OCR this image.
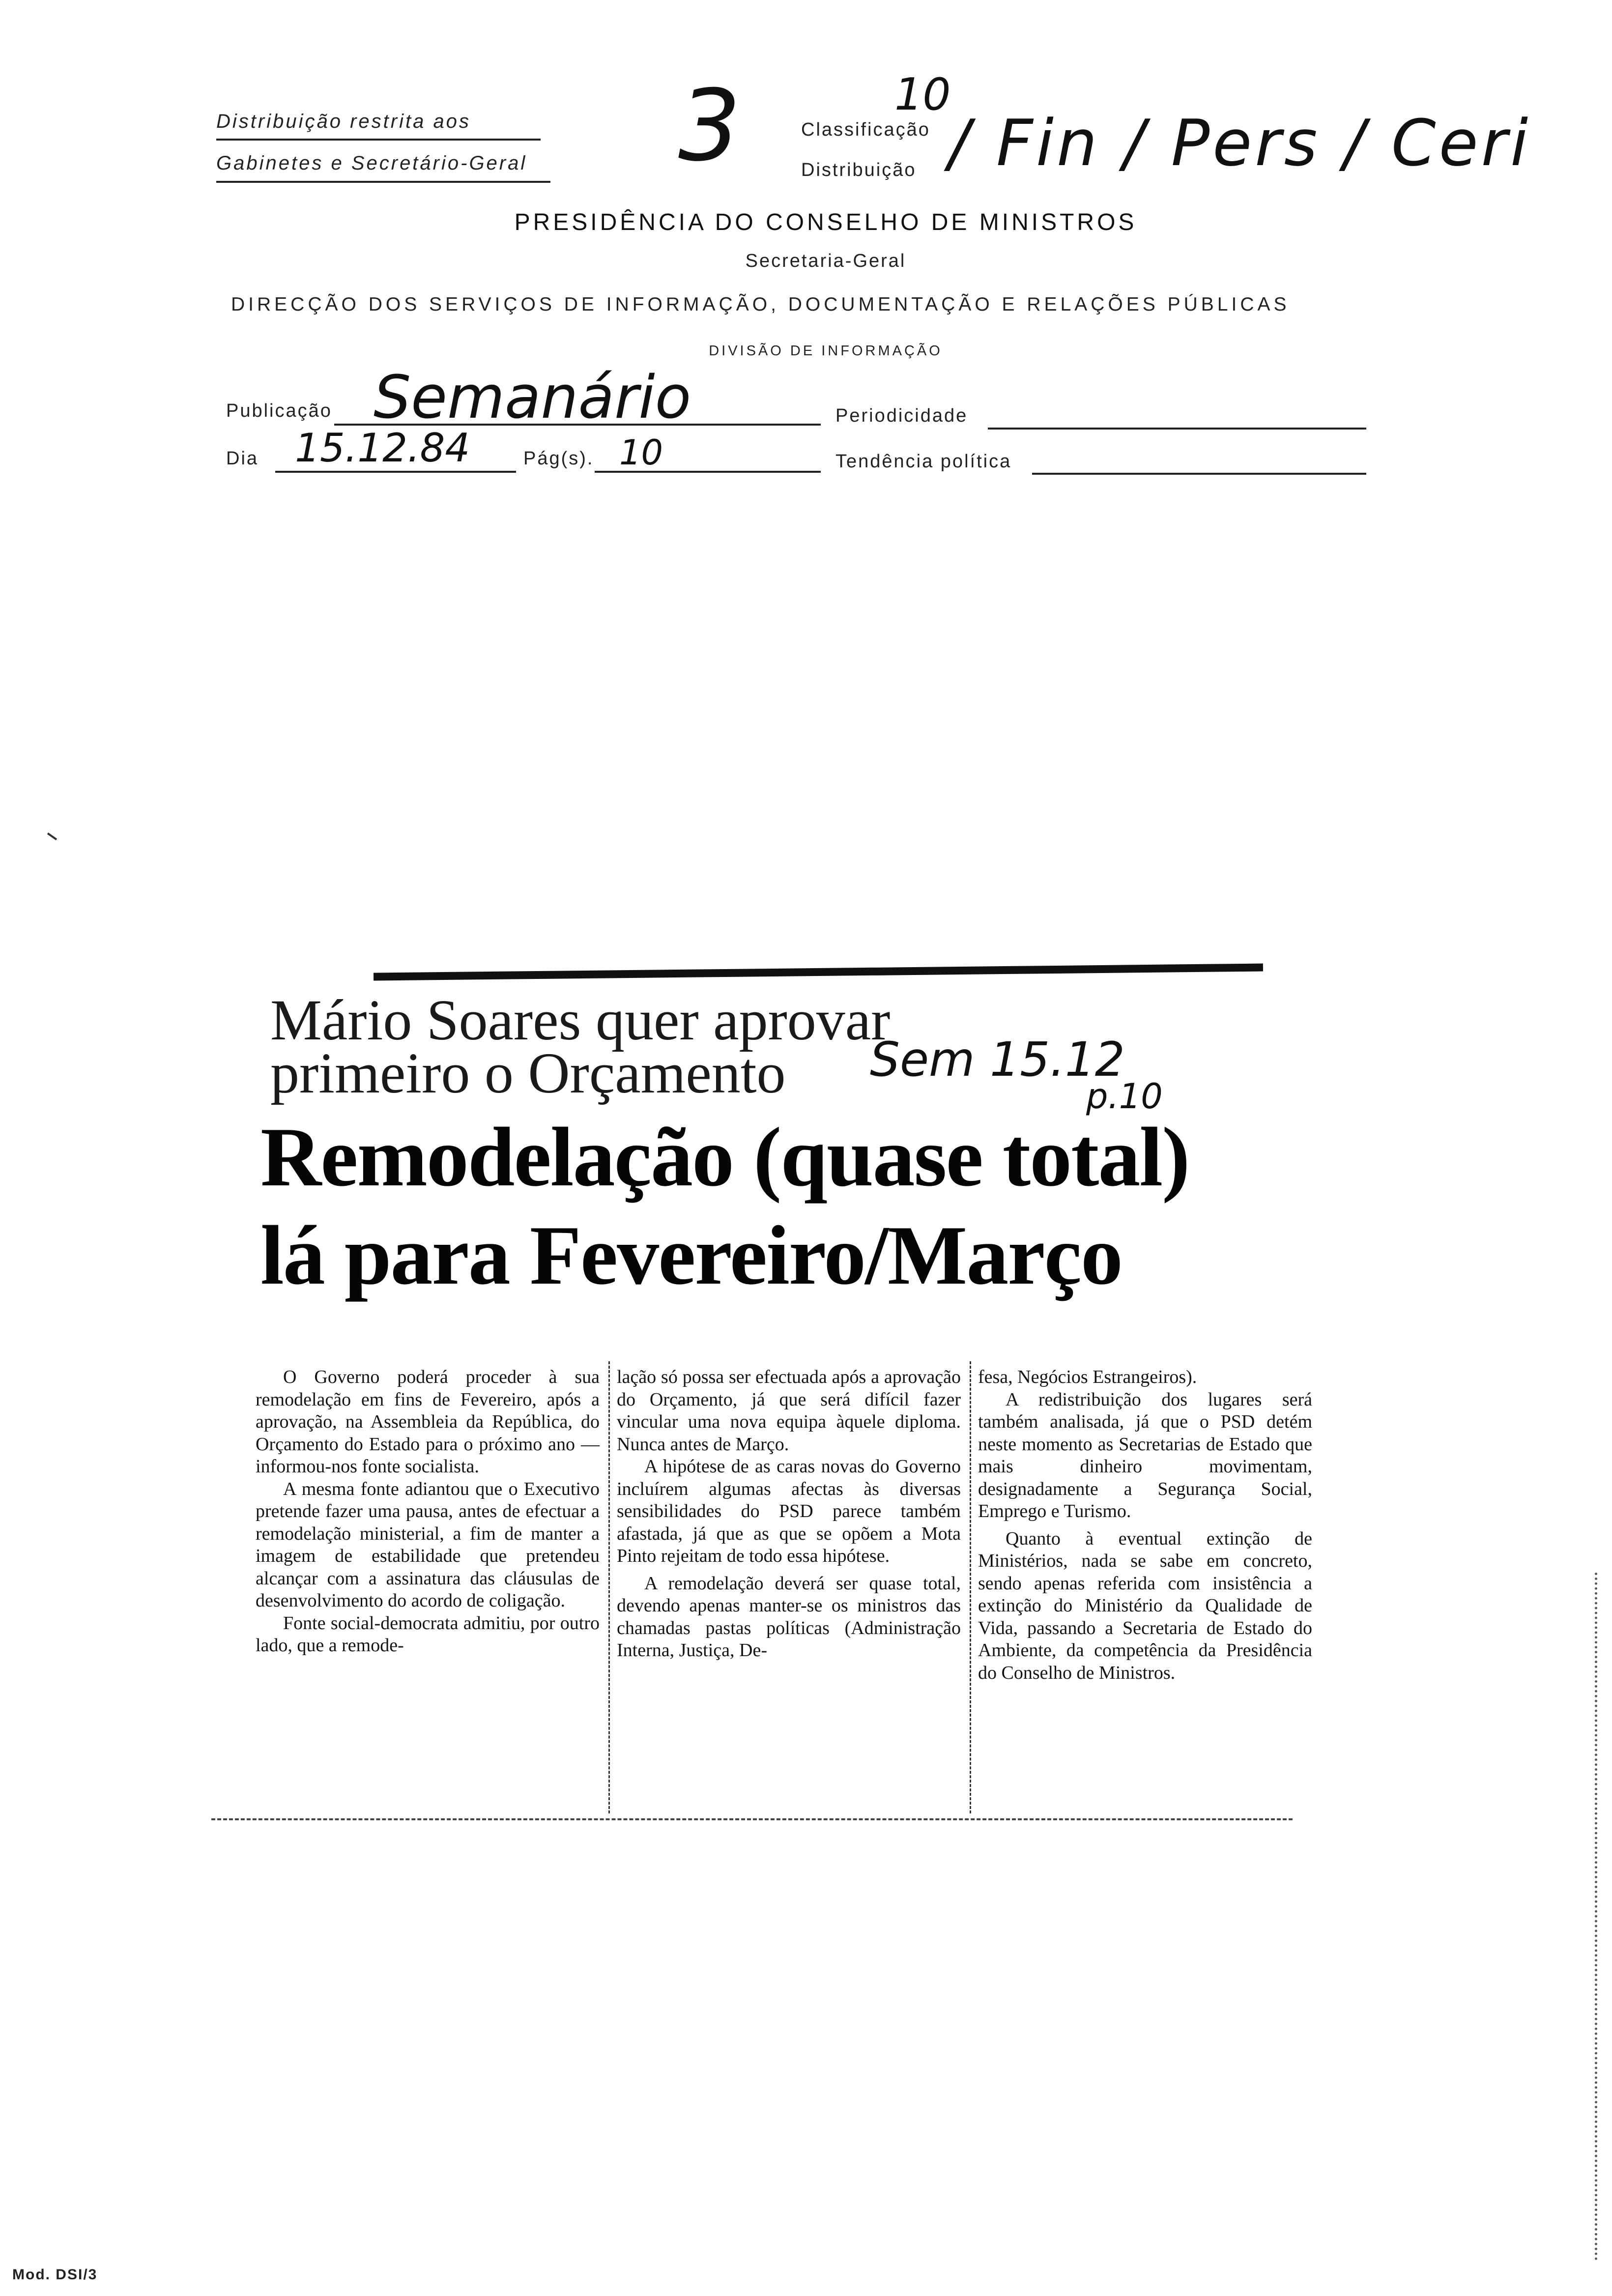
Distribuição restrita aos
Gabinetes e Secretário-Geral 3	Classificação
Distribuição
10
/ Fin / Pers / Ceri
PRESIDÊNCIA DO CONSELHO DE MINISTROS
Secretaria-Geral
DIRECÇÃO DOS SERVIÇOS DE INFORMAÇÃO, DOCUMENTAÇÃO E RELAÇÕES PÚBLICAS
DIVISÃO DE INFORMAÇÃO
Publicação Semanário	Periodicidade
Dia 15.12.84	Pág(s). 10	Tendência política
Mário Soares quer aprovar
primeiro o Orçamento Sem 15.12
p.10
Remodelação (quase total)
lá para Fevereiro/Março

O Governo poderá proceder à sua remodelação em fins de Fevereiro, após a aprovação, na Assembleia da República, do Orçamento do Estado para o próximo ano — informou-nos fonte socialista.

A mesma fonte adiantou que o Executivo pretende fazer uma pausa, antes de efectuar a remodelação ministerial, a fim de manter a imagem de estabilidade que pretendeu alcançar com a assinatura das cláusulas de desenvolvimento do acordo de coligação.

Fonte social-democrata admitiu, por outro lado, que a remode-

lação só possa ser efectuada após a aprovação do Orçamento, já que será difícil fazer vincular uma nova equipa àquele diploma. Nunca antes de Março.

A hipótese de as caras novas do Governo incluírem algumas afectas às diversas sensibilidades do PSD parece também afastada, já que as que se opõem a Mota Pinto rejeitam de todo essa hipótese.

A remodelação deverá ser quase total, devendo apenas manter-se os ministros das chamadas pastas políticas (Administração Interna, Justiça, De-

fesa, Negócios Estrangeiros).

A redistribuição dos lugares será também analisada, já que o PSD detém neste momento as Secretarias de Estado que mais dinheiro movimentam, designadamente a Segurança Social, Emprego e Turismo.

Quanto à eventual extinção de Ministérios, nada se sabe em concreto, sendo apenas referida com insistência a extinção do Ministério da Qualidade de Vida, passando a Secretaria de Estado do Ambiente, da competência da Presidência do Conselho de Ministros.

Mod. DSI/3
